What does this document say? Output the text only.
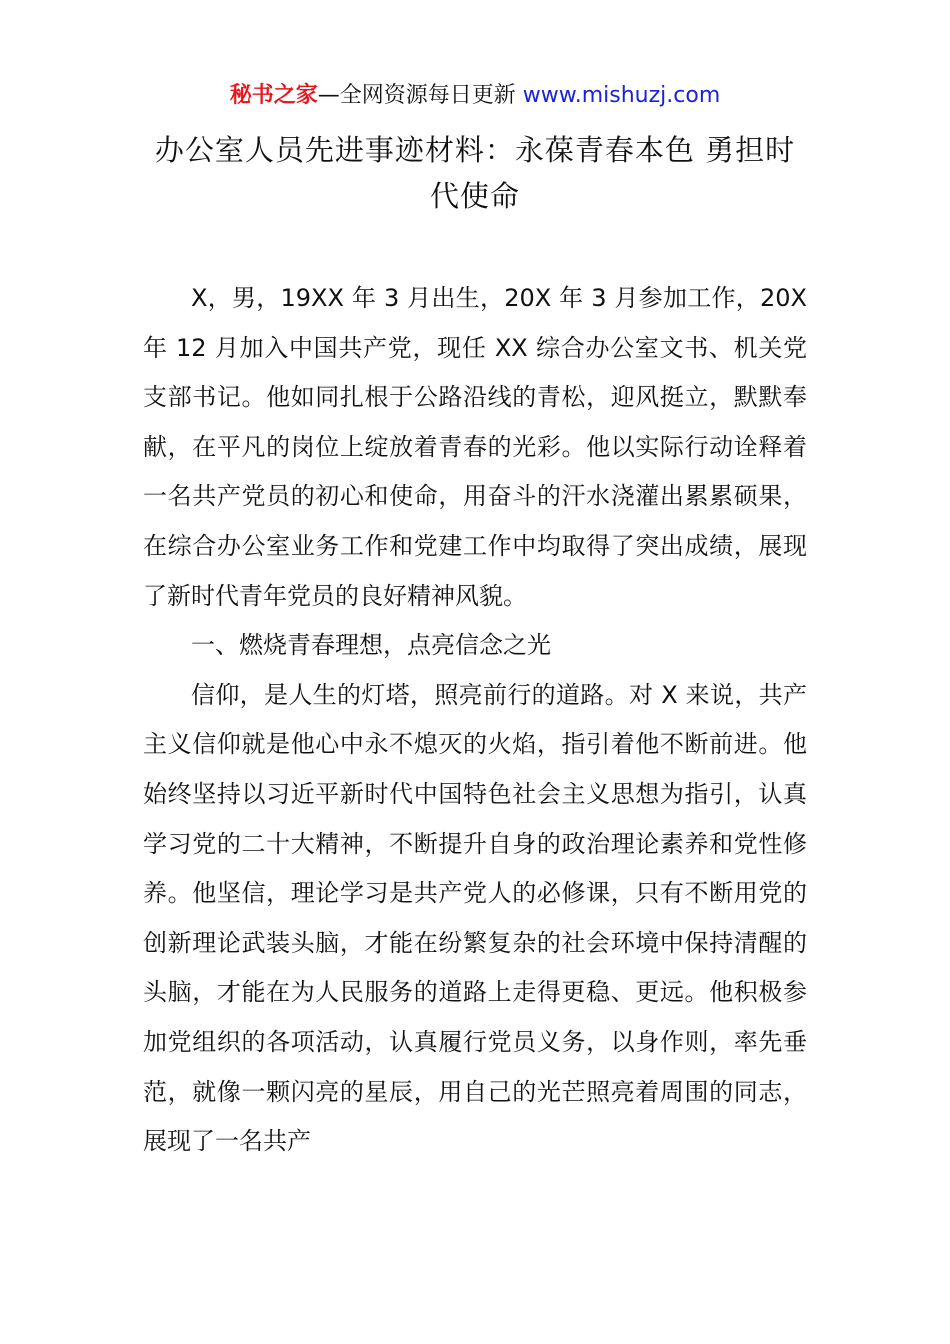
秘书之家—全网资源每日更新 www.mishuzj.com
办公室人员先进事迹材料：永葆青春本色 勇担时代使命

X，男，19XX 年 3 月出生，20X 年 3 月参加工作，20X 年 12 月加入中国共产党，现任 XX 综合办公室文书、机关党支部书记。他如同扎根于公路沿线的青松，迎风挺立，默默奉献，在平凡的岗位上绽放着青春的光彩。他以实际行动诠释着一名共产党员的初心和使命，用奋斗的汗水浇灌出累累硕果，在综合办公室业务工作和党建工作中均取得了突出成绩，展现了新时代青年党员的良好精神风貌。

一、燃烧青春理想，点亮信念之光

信仰，是人生的灯塔，照亮前行的道路。对 X 来说，共产主义信仰就是他心中永不熄灭的火焰，指引着他不断前进。他始终坚持以习近平新时代中国特色社会主义思想为指引，认真学习党的二十大精神，不断提升自身的政治理论素养和党性修养。他坚信，理论学习是共产党人的必修课，只有不断用党的创新理论武装头脑，才能在纷繁复杂的社会环境中保持清醒的头脑，才能在为人民服务的道路上走得更稳、更远。他积极参加党组织的各项活动，认真履行党员义务，以身作则，率先垂范，就像一颗闪亮的星辰，用自己的光芒照亮着周围的同志，展现了一名共产
